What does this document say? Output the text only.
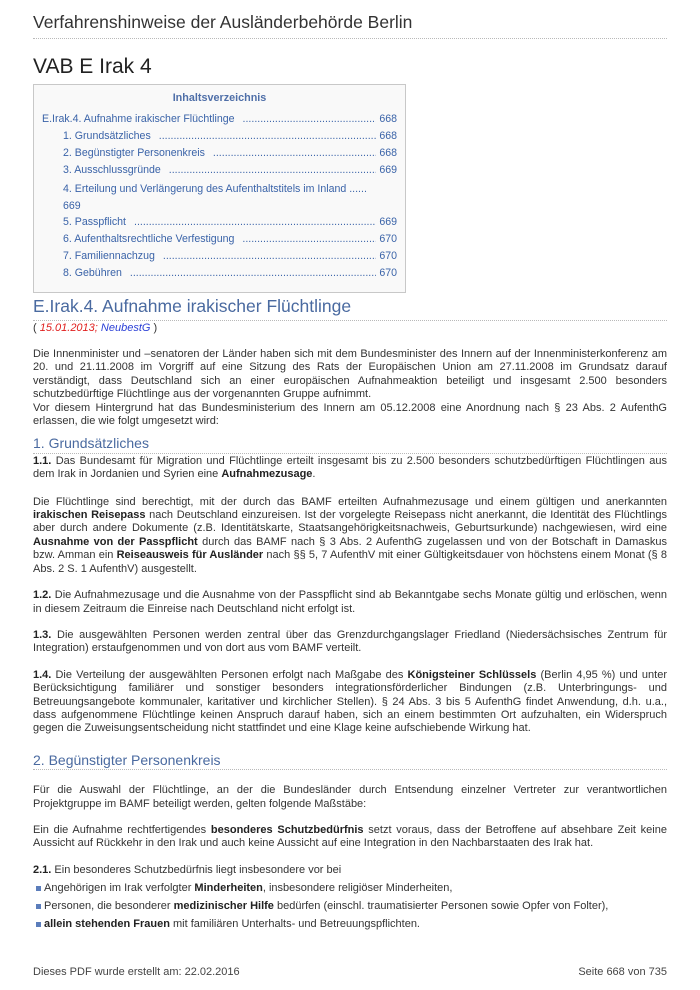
Verfahrenshinweise der Ausländerbehörde Berlin
VAB E Irak 4
Inhaltsverzeichnis
E.Irak.4. Aufnahme irakischer Flüchtlinge .....	668
1. Grundsätzliches .....	668
2. Begünstigter Personenkreis .....	668
3. Ausschlussgründe .....	669
4. Erteilung und Verlängerung des Aufenthaltstitels im Inland ......
669
5. Passpflicht .....	669
6. Aufenthaltsrechtliche Verfestigung .....	670
7. Familiennachzug .....	670
8. Gebühren .....	670
E.Irak.4. Aufnahme irakischer Flüchtlinge
( 15.01.2013; NeubestG )

Die Innenminister und –senatoren der Länder haben sich mit dem Bundesminister des Innern auf der Innenministerkonferenz am 20. und 21.11.2008 im Vorgriff auf eine Sitzung des Rats der Europäischen Union am 27.11.2008 im Grundsatz darauf verständigt, dass Deutschland sich an einer europäischen Aufnahmeaktion beteiligt und insgesamt 2.500 besonders schutzbedürftige Flüchtlinge aus der vorgenannten Gruppe aufnimmt.

Vor diesem Hintergrund hat das Bundesministerium des Innern am 05.12.2008 eine Anordnung nach § 23 Abs. 2 AufenthG erlassen, die wie folgt umgesetzt wird:

1. Grundsätzliches

1.1. Das Bundesamt für Migration und Flüchtlinge erteilt insgesamt bis zu 2.500 besonders schutzbedürftigen Flüchtlingen aus dem Irak in Jordanien und Syrien eine Aufnahmezusage.

Die Flüchtlinge sind berechtigt, mit der durch das BAMF erteilten Aufnahmezusage und einem gültigen und anerkannten irakischen Reisepass nach Deutschland einzureisen. Ist der vorgelegte Reisepass nicht anerkannt, die Identität des Flüchtlings aber durch andere Dokumente (z.B. Identitätskarte, Staatsangehörigkeitsnachweis, Geburtsurkunde) nachgewiesen, wird eine Ausnahme von der Passpflicht durch das BAMF nach § 3 Abs. 2 AufenthG zugelassen und von der Botschaft in Damaskus bzw. Amman ein Reiseausweis für Ausländer nach §§ 5, 7 AufenthV mit einer Gültigkeitsdauer von höchstens einem Monat (§ 8 Abs. 2 S. 1 AufenthV) ausgestellt.

1.2. Die Aufnahmezusage und die Ausnahme von der Passpflicht sind ab Bekanntgabe sechs Monate gültig und erlöschen, wenn in diesem Zeitraum die Einreise nach Deutschland nicht erfolgt ist.

1.3. Die ausgewählten Personen werden zentral über das Grenzdurchgangslager Friedland (Niedersächsisches Zentrum für Integration) erstaufgenommen und von dort aus vom BAMF verteilt.

1.4. Die Verteilung der ausgewählten Personen erfolgt nach Maßgabe des Königsteiner Schlüssels (Berlin 4,95 %) und unter Berücksichtigung familiärer und sonstiger besonders integrationsförderlicher Bindungen (z.B. Unterbringungs- und Betreuungsangebote kommunaler, karitativer und kirchlicher Stellen). § 24 Abs. 3 bis 5 AufenthG findet Anwendung, d.h. u.a., dass aufgenommene Flüchtlinge keinen Anspruch darauf haben, sich an einem bestimmten Ort aufzuhalten, ein Widerspruch gegen die Zuweisungsentscheidung nicht stattfindet und eine Klage keine aufschiebende Wirkung hat.

2. Begünstigter Personenkreis

Für die Auswahl der Flüchtlinge, an der die Bundesländer durch Entsendung einzelner Vertreter zur verantwortlichen Projektgruppe im BAMF beteiligt werden, gelten folgende Maßstäbe:

Ein die Aufnahme rechtfertigendes besonderes Schutzbedürfnis setzt voraus, dass der Betroffene auf absehbare Zeit keine Aussicht auf Rückkehr in den Irak und auch keine Aussicht auf eine Integration in den Nachbarstaaten des Irak hat.

2.1. Ein besonderes Schutzbedürfnis liegt insbesondere vor bei

Angehörigen im Irak verfolgter Minderheiten, insbesondere religiöser Minderheiten,
Personen, die besonderer medizinischer Hilfe bedürfen (einschl. traumatisierter Personen sowie Opfer von Folter),
allein stehenden Frauen mit familiären Unterhalts- und Betreuungspflichten.
Dieses PDF wurde erstellt am: 22.02.2016	Seite 668 von 735
